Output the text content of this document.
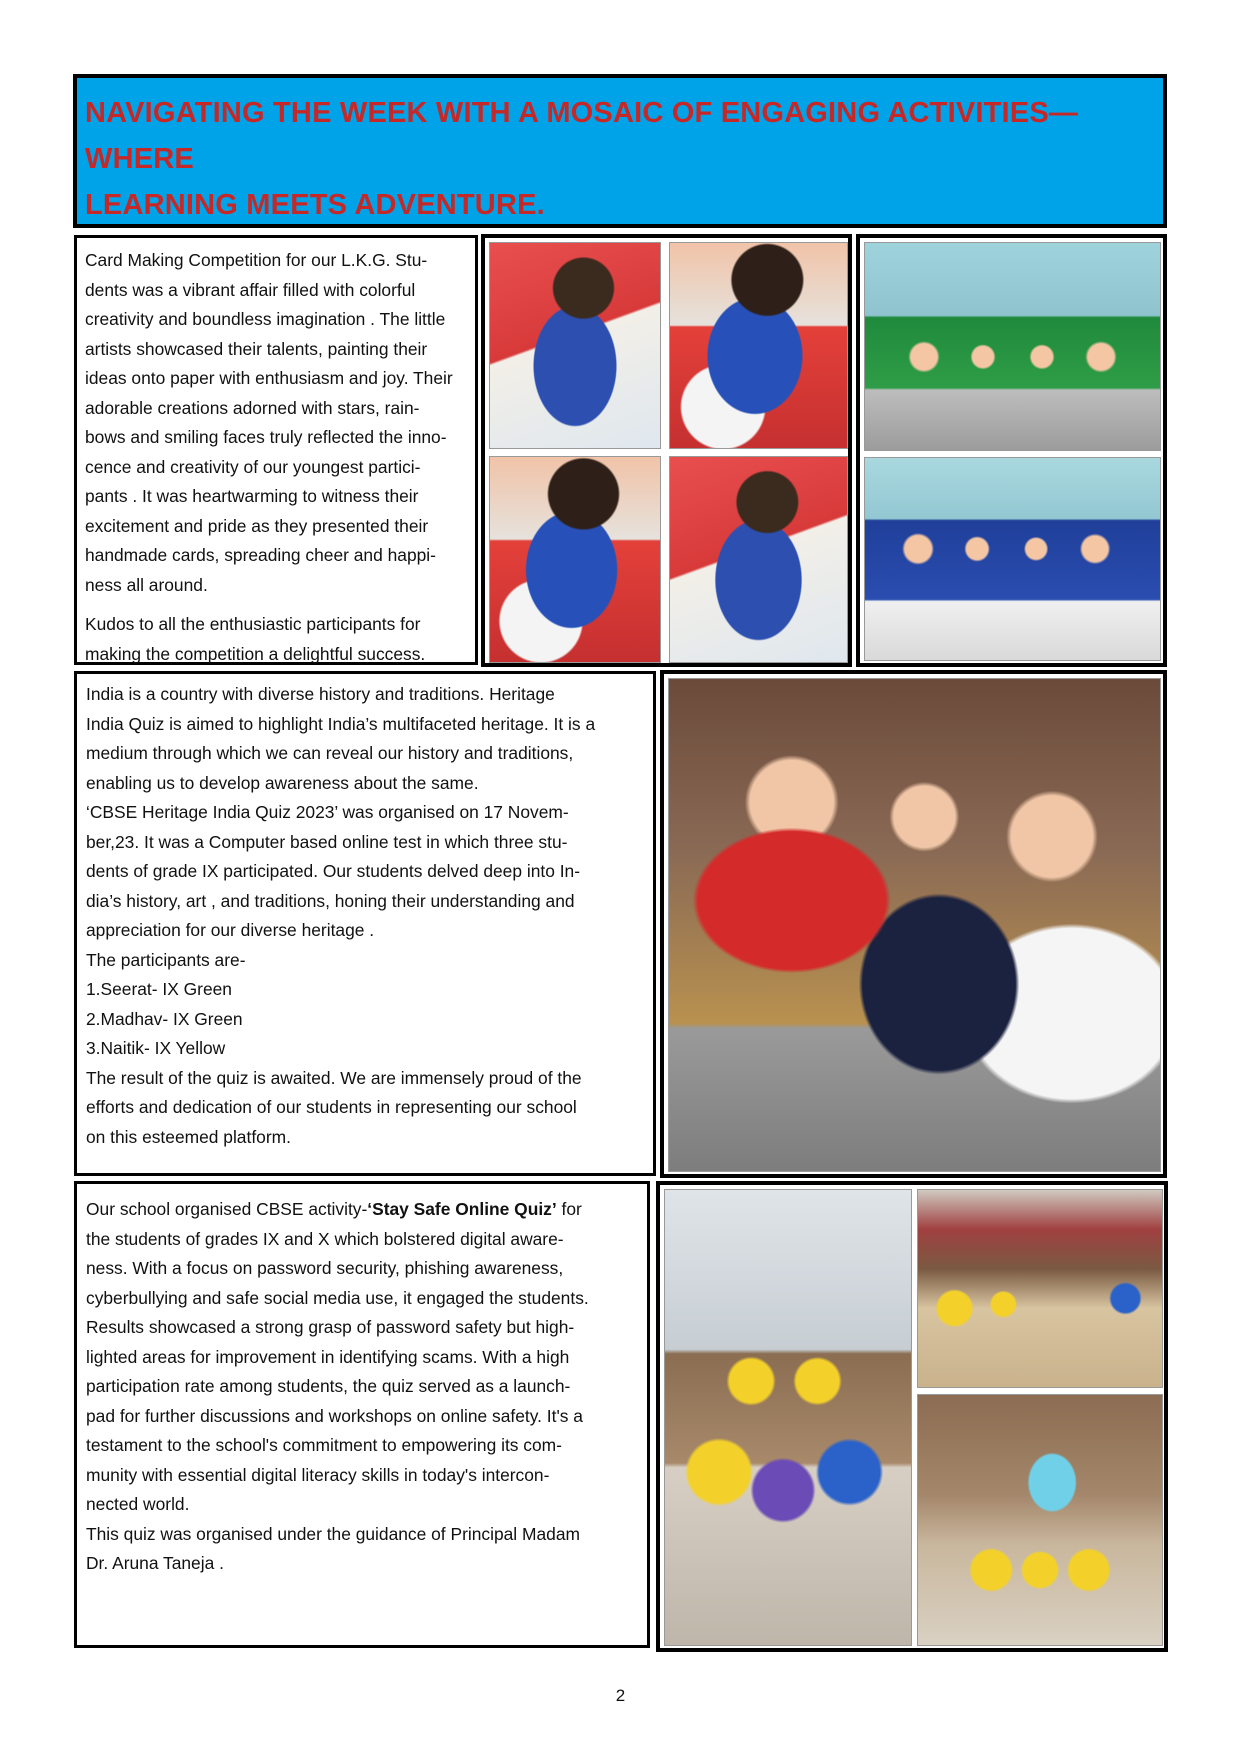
NAVIGATING THE WEEK WITH A MOSAIC OF ENGAGING ACTIVITIES—WHERE
LEARNING MEETS ADVENTURE.

Card Making Competition for our L.K.G. Stu-

dents was a vibrant affair filled with colorful

creativity and boundless imagination . The little

artists showcased their talents, painting their

ideas onto paper with enthusiasm and joy. Their

adorable creations adorned with stars, rain-

bows and smiling faces truly reflected the inno-

cence and creativity of our youngest partici-

pants . It was heartwarming to witness their

excitement and pride as they presented their

handmade cards, spreading cheer and happi-

ness all around.

Kudos to all the enthusiastic participants for

making the competition a delightful success.

India is a country with diverse history and traditions. Heritage

India Quiz is aimed to highlight India’s multifaceted heritage. It is a

medium through which we can reveal our history and traditions,

enabling us to develop awareness about the same.

‘CBSE Heritage India Quiz 2023’ was organised on 17 Novem-

ber,23. It was a Computer based online test in which three stu-

dents of grade IX participated. Our students delved deep into In-

dia’s history, art , and traditions, honing their understanding and

appreciation for our diverse heritage .

The participants are-

1.Seerat- IX Green

2.Madhav- IX Green

3.Naitik- IX Yellow

The result of the quiz is awaited. We are immensely proud of the

efforts and dedication of our students in representing our school

on this esteemed platform.

Our school organised CBSE activity-‘Stay Safe Online Quiz’ for

the students of grades IX and X which bolstered digital aware-

ness. With a focus on password security, phishing awareness,

cyberbullying and safe social media use, it engaged the students.

Results showcased a strong grasp of password safety but high-

lighted areas for improvement in identifying scams. With a high

participation rate among students, the quiz served as a launch-

pad for further discussions and workshops on online safety. It's a

testament to the school's commitment to empowering its com-

munity with essential digital literacy skills in today's intercon-

nected world.

This quiz was organised under the guidance of Principal Madam

Dr. Aruna Taneja .

2
